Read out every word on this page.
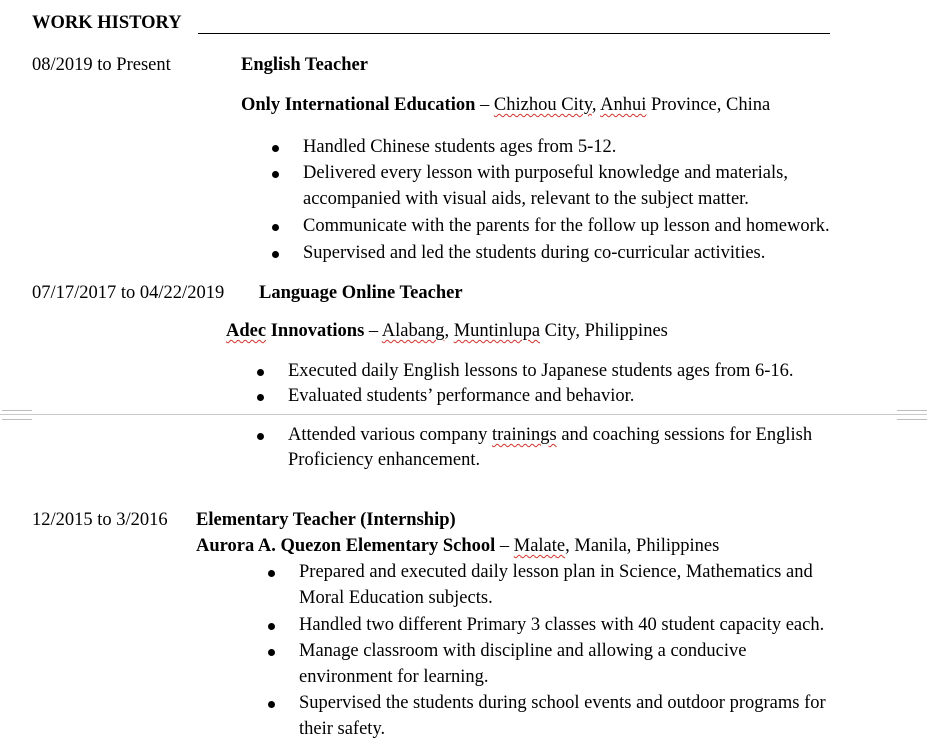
WORK HISTORY
08/2019 to Present	English Teacher
Only International Education – Chizhou City, Anhui Province, China
Handled Chinese students ages from 5-12.
Delivered every lesson with purposeful knowledge and materials,
accompanied with visual aids, relevant to the subject matter.
Communicate with the parents for the follow up lesson and homework.
Supervised and led the students during co-curricular activities.
07/17/2017 to 04/22/2019 Language Online Teacher
Adec Innovations – Alabang, Muntinlupa City, Philippines
Executed daily English lessons to Japanese students ages from 6-16.
Evaluated students’ performance and behavior.
Attended various company trainings and coaching sessions for English
Proficiency enhancement.
12/2015 to 3/2016 Elementary Teacher (Internship)
Aurora A. Quezon Elementary School – Malate, Manila, Philippines
Prepared and executed daily lesson plan in Science, Mathematics and
Moral Education subjects.
Handled two different Primary 3 classes with 40 student capacity each.
Manage classroom with discipline and allowing a conducive
environment for learning.
Supervised the students during school events and outdoor programs for
their safety.
